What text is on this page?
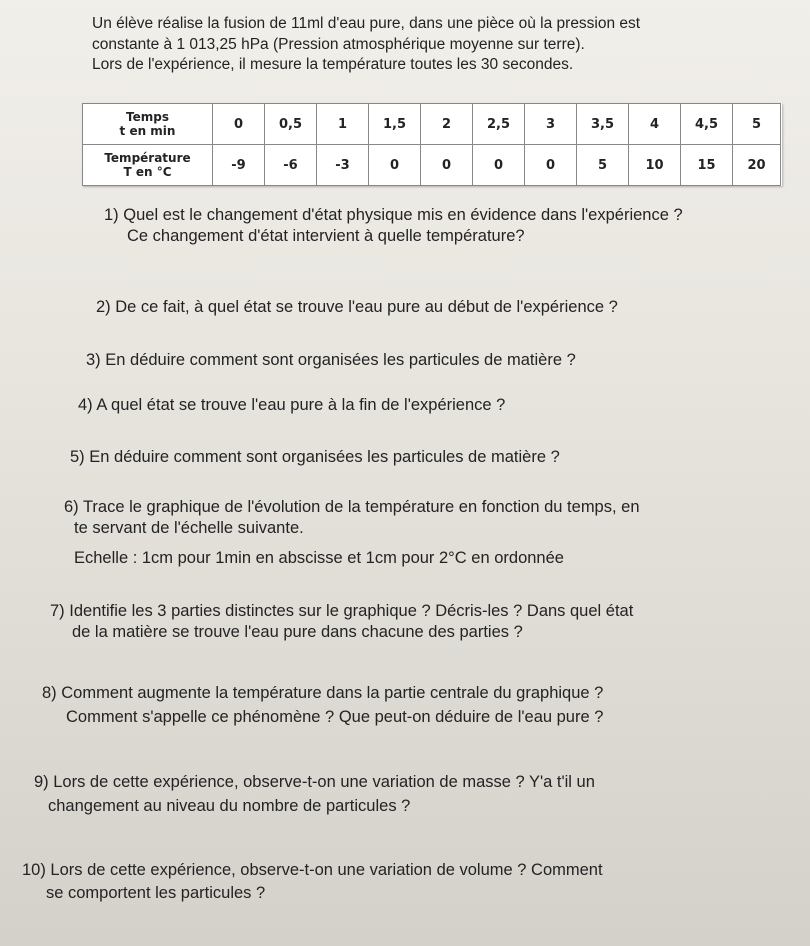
Un élève réalise la fusion de 11ml d'eau pure, dans une pièce où la pression est

constante à 1 013,25 hPa (Pression atmosphérique moyenne sur terre).

Lors de l'expérience, il mesure la température toutes les 30 secondes.

Temps
t en min	0	0,5	1	1,5	2	2,5	3	3,5	4	4,5	5
Température
T en °C	-9	-6	-3	0	0	0	0	5	10	15	20

1) Quel est le changement d'état physique mis en évidence dans l'expérience ?
Ce changement d'état intervient à quelle température?

2) De ce fait, à quel état se trouve l'eau pure au début de l'expérience ?

3) En déduire comment sont organisées les particules de matière ?

4) A quel état se trouve l'eau pure à la fin de l'expérience ?

5) En déduire comment sont organisées les particules de matière ?

6) Trace le graphique de l'évolution de la température en fonction du temps, en
te servant de l'échelle suivante.
Echelle : 1cm pour 1min en abscisse et 1cm pour 2°C en ordonnée

7) Identifie les 3 parties distinctes sur le graphique ? Décris-les ? Dans quel état
de la matière se trouve l'eau pure dans chacune des parties ?

8) Comment augmente la température dans la partie centrale du graphique ?
Comment s'appelle ce phénomène ? Que peut-on déduire de l'eau pure ?

9) Lors de cette expérience, observe-t-on une variation de masse ? Y'a t'il un
changement au niveau du nombre de particules ?

10) Lors de cette expérience, observe-t-on une variation de volume ? Comment
se comportent les particules ?
